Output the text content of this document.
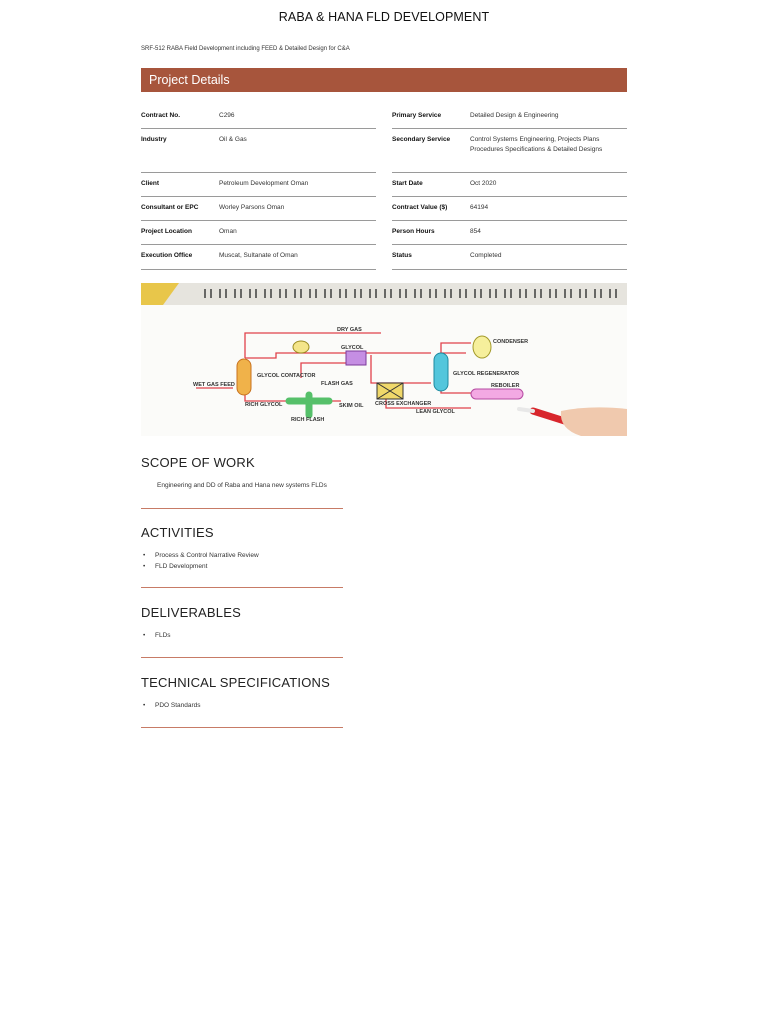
RABA & HANA FLD DEVELOPMENT
SRF-512 RABA Field Development including FEED & Detailed Design for C&A
Project Details
Contract No.	C296
Industry	Oil & Gas
Client	Petroleum Development Oman
Consultant or EPC	Worley Parsons Oman
Project Location	Oman
Execution Office	Muscat, Sultanate of Oman
Primary Service	Detailed Design & Engineering
Secondary Service	Control Systems Engineering, Projects Plans Procedures Specifications & Detailed Designs
Start Date	Oct 2020
Contract Value ($)	64194
Person Hours	854
Status	Completed
DRY GAS
GLYCOL
GLYCOL CONTACTOR
WET GAS FEED	FLASH GAS
RICH GLYCOL
RICH FLASH
SKIM OIL CROSS EXCHANGER
LEAN GLYCOL
GLYCOL REGENERATOR
CONDENSER
REBOILER
SCOPE OF WORK
Engineering and DD of Raba and Hana new systems FLDs
ACTIVITIES
• Process & Control Narrative Review
• FLD Development
DELIVERABLES
• FLDs
TECHNICAL SPECIFICATIONS
• PDO Standards
